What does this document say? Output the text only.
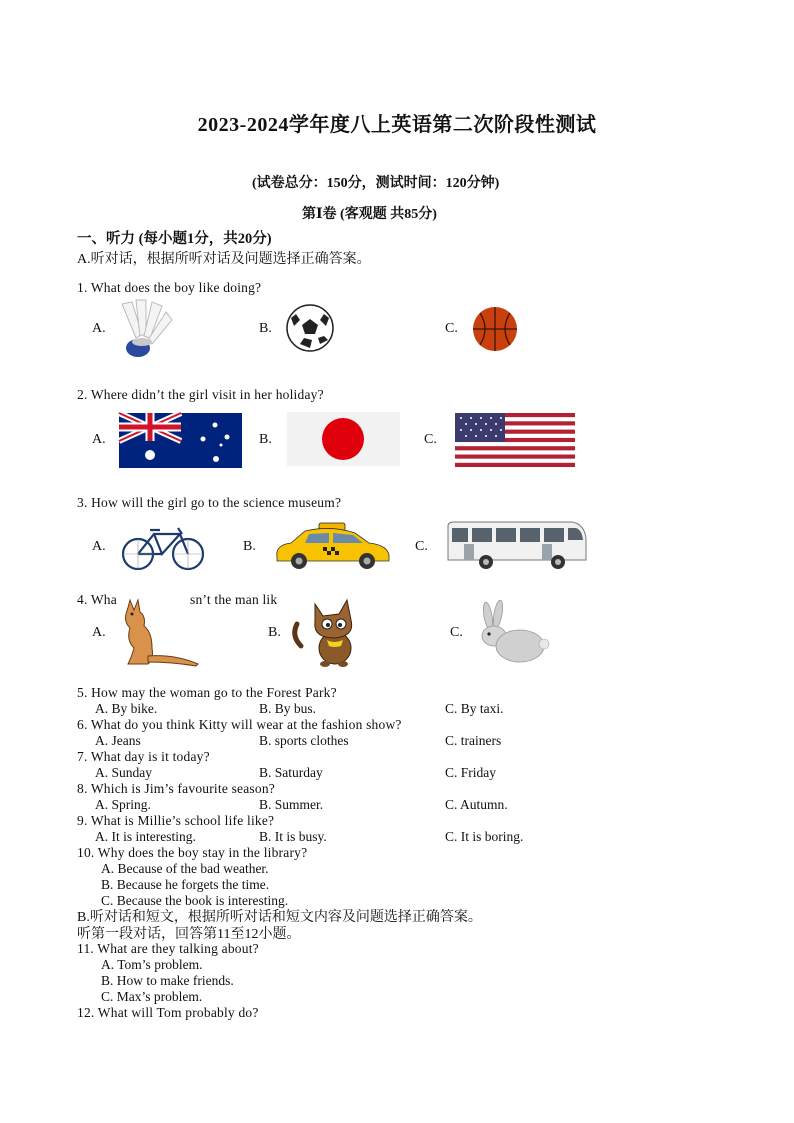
2023-2024学年度八上英语第二次阶段性测试
(试卷总分：150分，测试时间：120分钟)
第Ⅰ卷 (客观题 共85分)
一、听力 (每小题1分，共20分)
A.听对话，根据所听对话及问题选择正确答案。
1. What does the boy like doing?
A.	B.	C.
2. Where didn’t the girl visit in her holiday?
A.	B.	C.
3. How will the girl go to the science museum?
A.	B.	C.
4. Wha	sn’t the man lik
A.	B.	C.
5. How may the woman go to the Forest Park?
A. By bike.	B. By bus.	C. By taxi.
6. What do you think Kitty will wear at the fashion show?
A. Jeans	B. sports clothes	C. trainers
7. What day is it today?
A. Sunday	B. Saturday	C. Friday
8. Which is Jim’s favourite season?
A. Spring.	B. Summer.	C. Autumn.
9. What is Millie’s school life like?
A. It is interesting.	B. It is busy.	C. It is boring.
10. Why does the boy stay in the library?
A. Because of the bad weather.
B. Because he forgets the time.
C. Because the book is interesting.
B.听对话和短文，根据所听对话和短文内容及问题选择正确答案。
听第一段对话，回答第11至12小题。
11. What are they talking about?
A. Tom’s problem.
B. How to make friends.
C. Max’s problem.
12. What will Tom probably do?
